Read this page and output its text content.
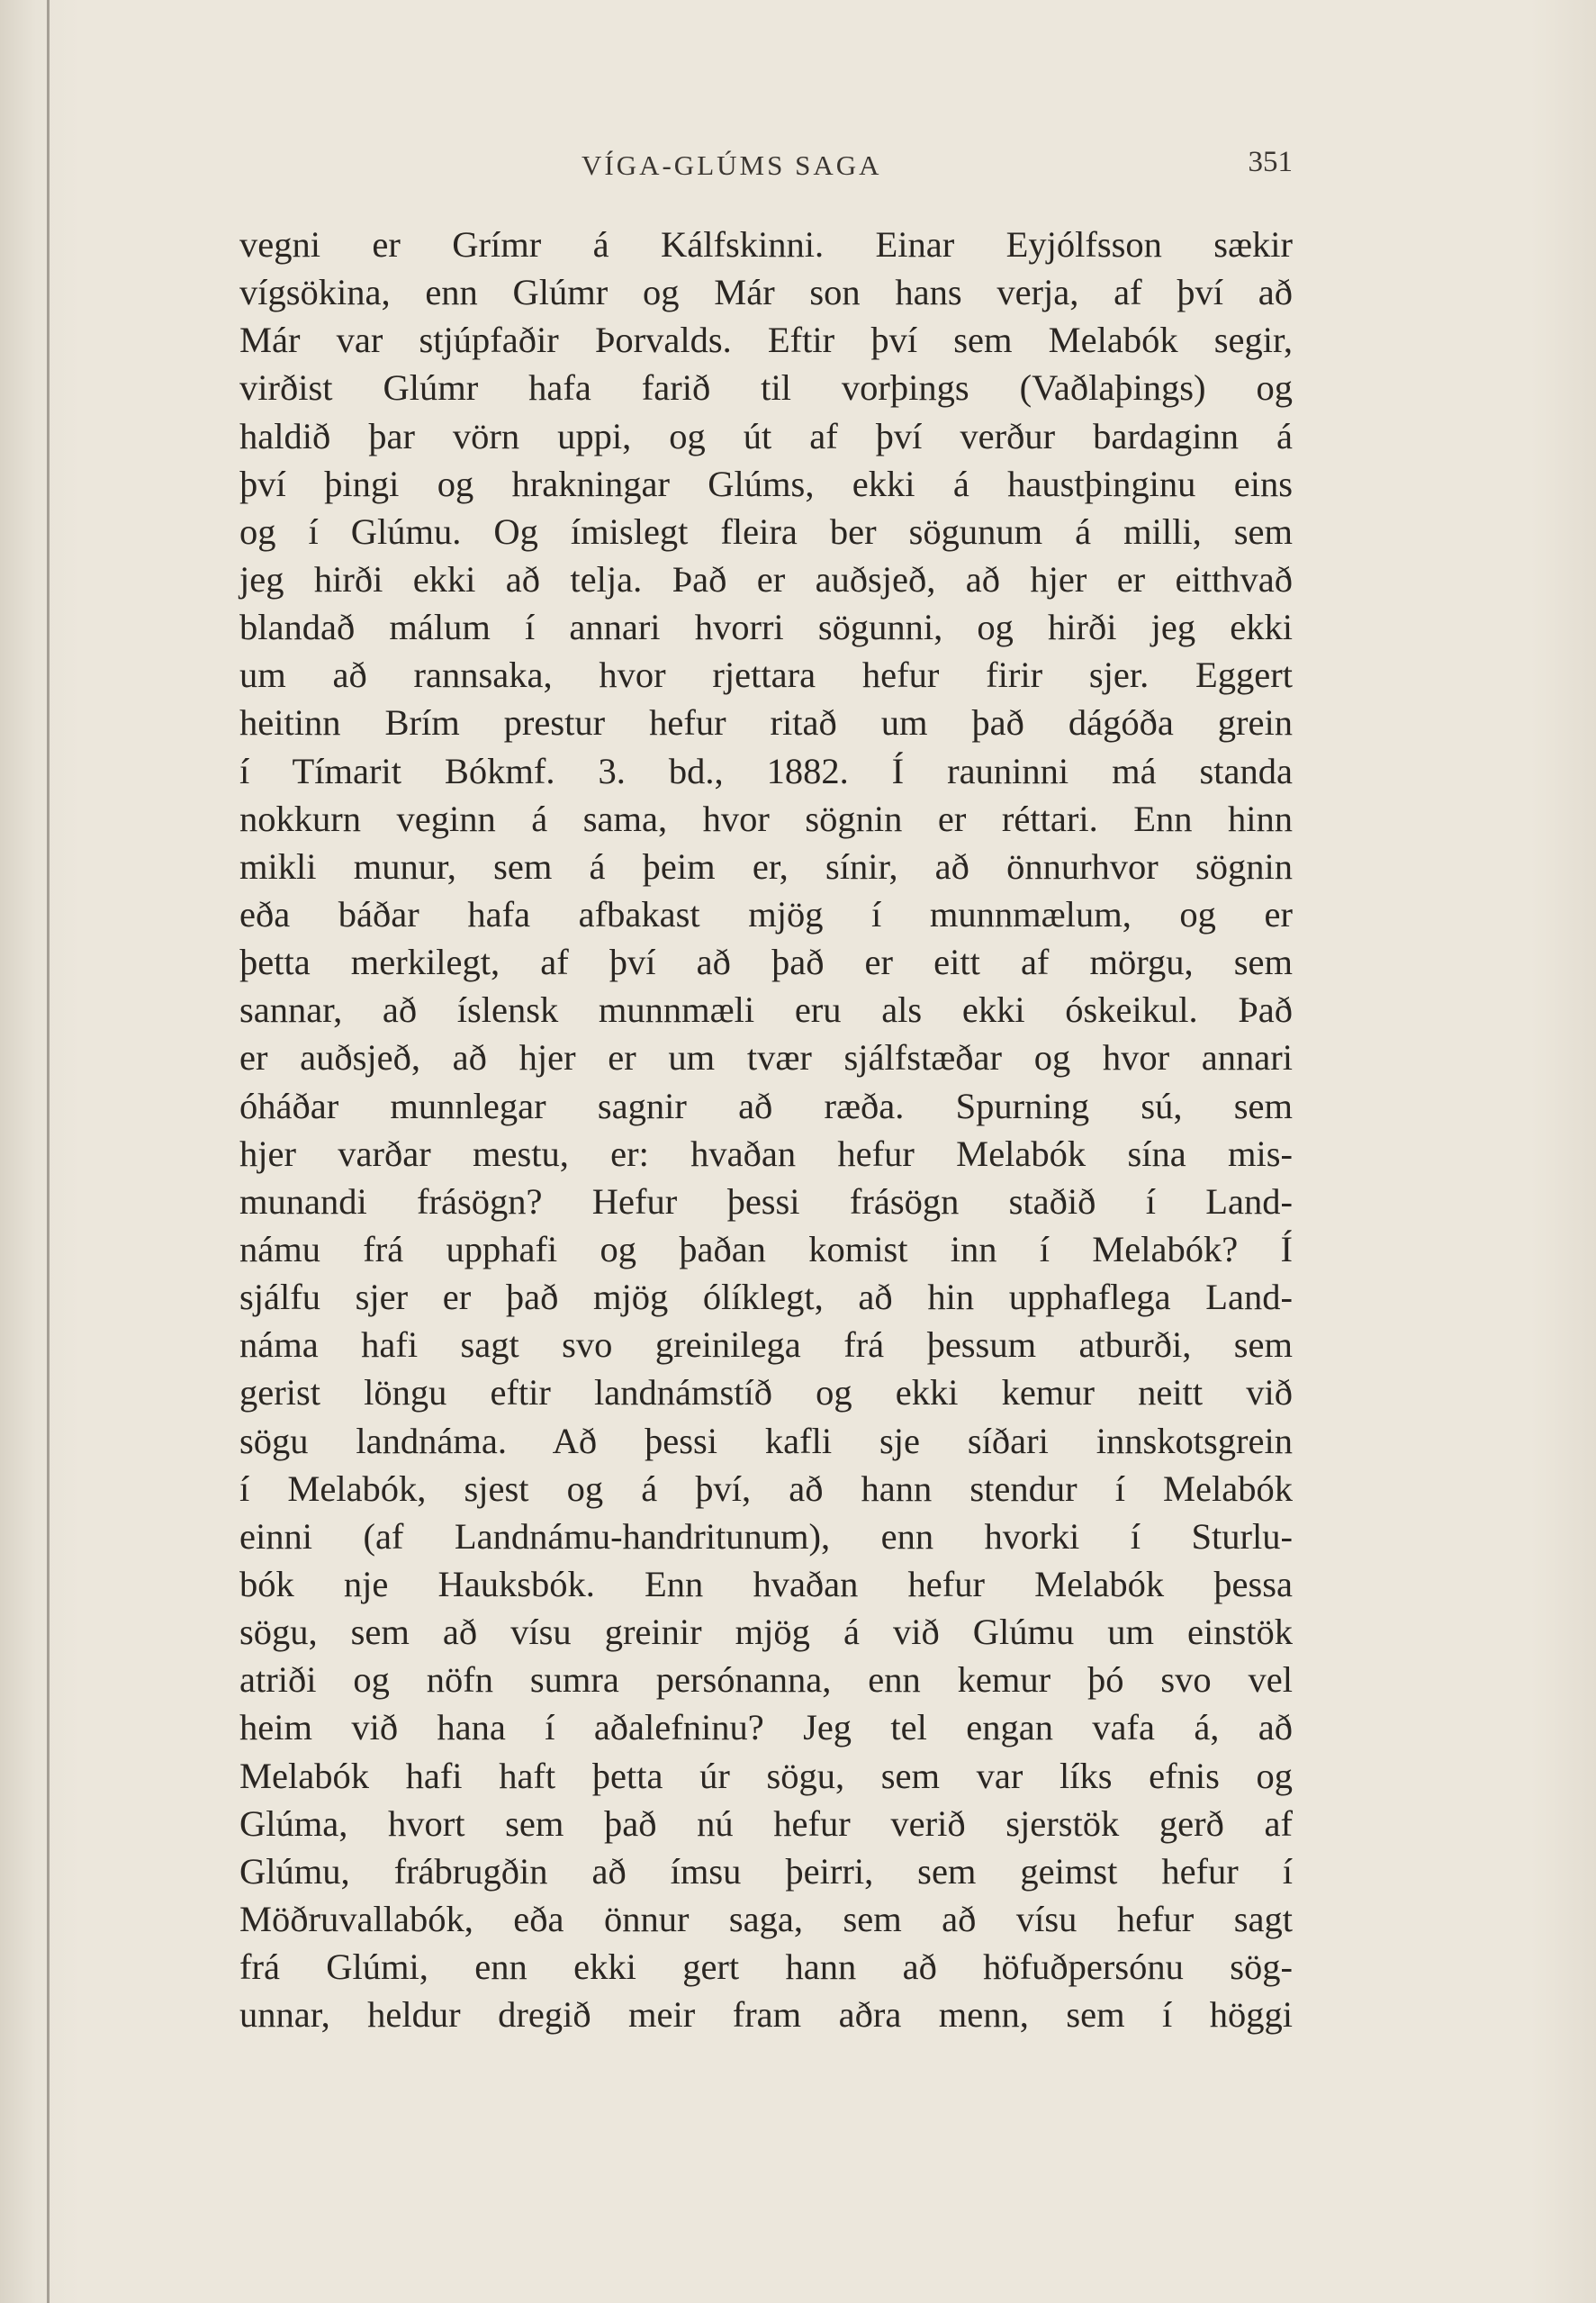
VÍGA-GLÚMS SAGA	351
vegni er Grímr á Kálfskinni. Einar Eyjólfsson sækir
vígsökina, enn Glúmr og Már son hans verja, af því að
Már var stjúpfaðir Þorvalds. Eftir því sem Melabók segir,
virðist Glúmr hafa farið til vorþings (Vaðlaþings) og
haldið þar vörn uppi, og út af því verður bardaginn á
því þingi og hrakningar Glúms, ekki á haustþinginu eins
og í Glúmu. Og ímislegt fleira ber sögunum á milli, sem
jeg hirði ekki að telja. Það er auðsjeð, að hjer er eitthvað
blandað málum í annari hvorri sögunni, og hirði jeg ekki
um að rannsaka, hvor rjettara hefur firir sjer. Eggert
heitinn Brím prestur hefur ritað um það dágóða grein
í Tímarit Bókmf. 3. bd., 1882. Í rauninni má standa
nokkurn veginn á sama, hvor sögnin er réttari. Enn hinn
mikli munur, sem á þeim er, sínir, að önnurhvor sögnin
eða báðar hafa afbakast mjög í munnmælum, og er
þetta merkilegt, af því að það er eitt af mörgu, sem
sannar, að íslensk munnmæli eru als ekki óskeikul. Það
er auðsjeð, að hjer er um tvær sjálfstæðar og hvor annari
óháðar munnlegar sagnir að ræða. Spurning sú, sem
hjer varðar mestu, er: hvaðan hefur Melabók sína mis-
munandi frásögn? Hefur þessi frásögn staðið í Land-
námu frá upphafi og þaðan komist inn í Melabók? Í
sjálfu sjer er það mjög ólíklegt, að hin upphaflega Land-
náma hafi sagt svo greinilega frá þessum atburði, sem
gerist löngu eftir landnámstíð og ekki kemur neitt við
sögu landnáma. Að þessi kafli sje síðari innskotsgrein
í Melabók, sjest og á því, að hann stendur í Melabók
einni (af Landnámu-handritunum), enn hvorki í Sturlu-
bók nje Hauksbók. Enn hvaðan hefur Melabók þessa
sögu, sem að vísu greinir mjög á við Glúmu um einstök
atriði og nöfn sumra persónanna, enn kemur þó svo vel
heim við hana í aðalefninu? Jeg tel engan vafa á, að
Melabók hafi haft þetta úr sögu, sem var líks efnis og
Glúma, hvort sem það nú hefur verið sjerstök gerð af
Glúmu, frábrugðin að ímsu þeirri, sem geimst hefur í
Möðruvallabók, eða önnur saga, sem að vísu hefur sagt
frá Glúmi, enn ekki gert hann að höfuðpersónu sög-
unnar, heldur dregið meir fram aðra menn, sem í höggi
